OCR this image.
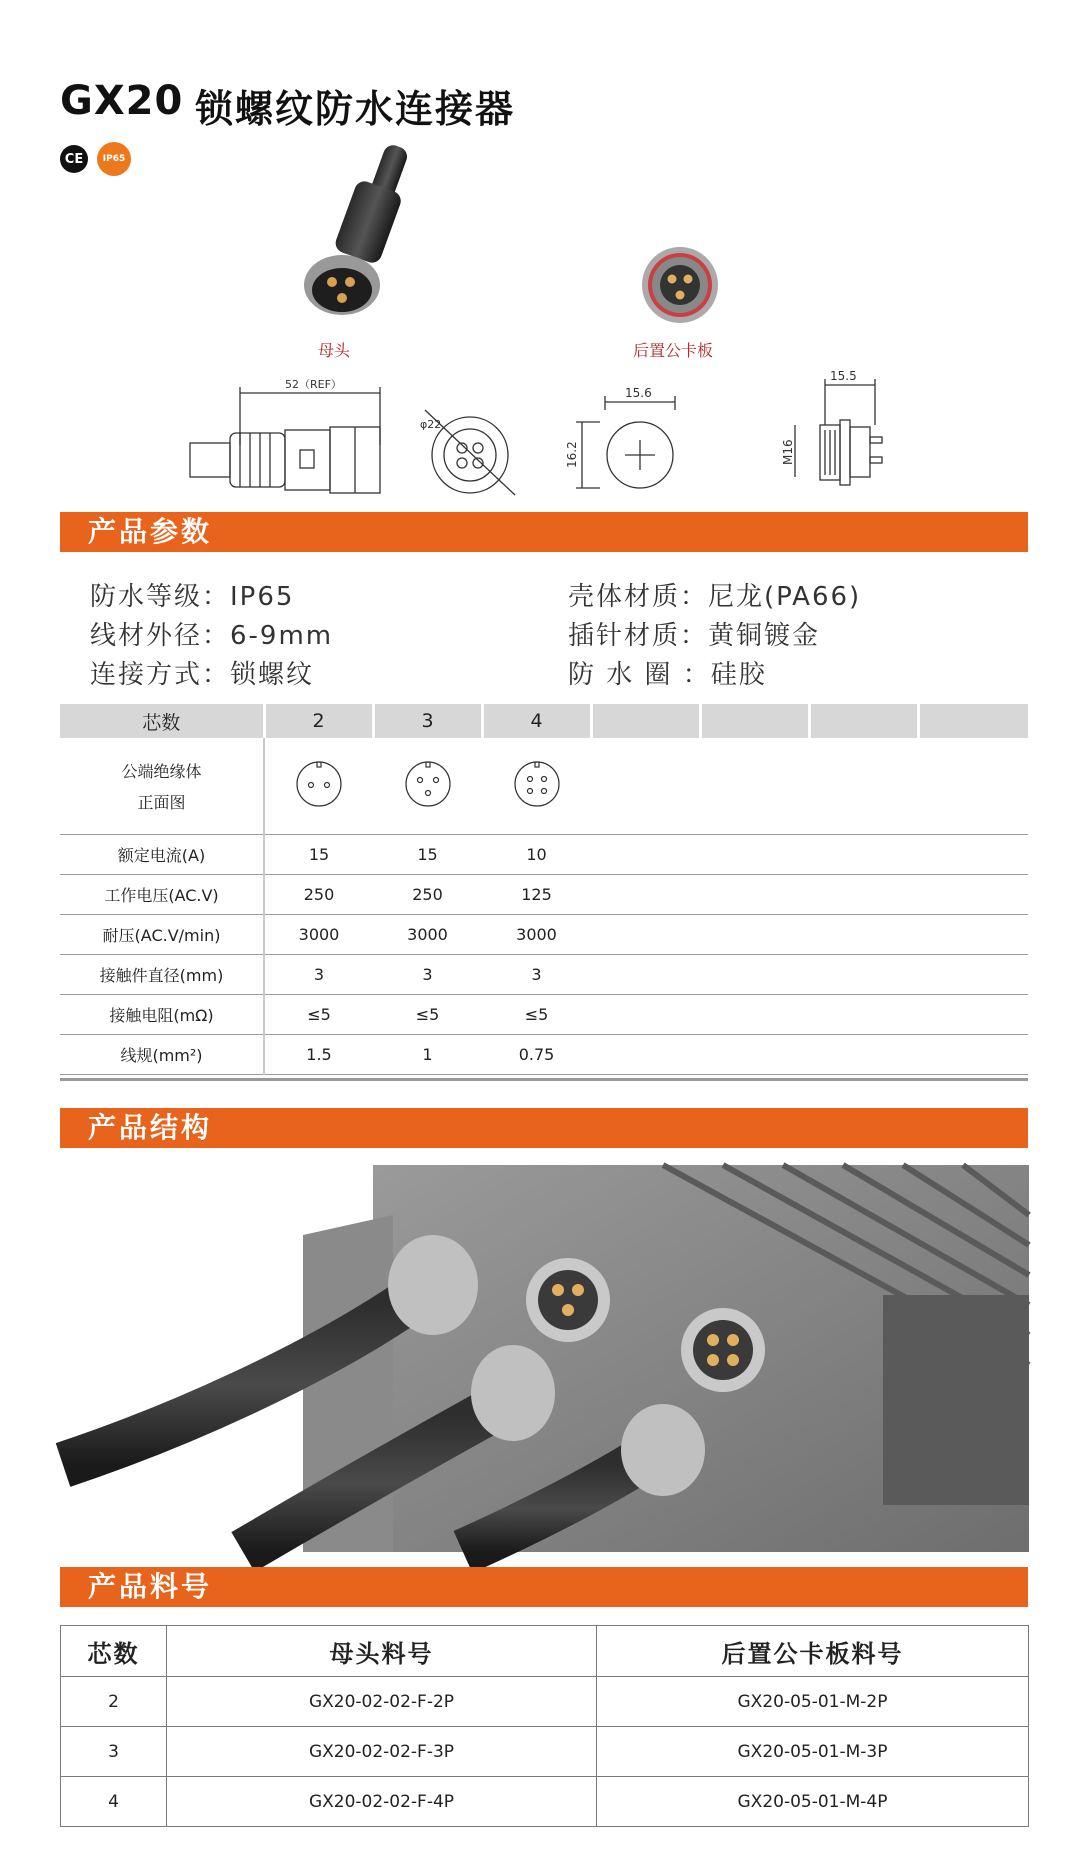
GX20 锁螺纹防水连接器
CE	IP65
母头	后置公卡板
52（REF）
φ22
15.6
16.2
15.5
M16
产品参数
防水等级：IP65
线材外径：6-9mm
连接方式：锁螺纹
壳体材质：尼龙(PA66)
插针材质：黄铜镀金
防 水 圈 ：硅胶
芯数	2	3	4				

公端绝缘体
正面图

额定电流(A)	15	15	10				
工作电压(AC.V)	250	250	125				
耐压(AC.V/min)	3000	3000	3000				
接触件直径(mm)	3	3	3				
接触电阻(mΩ)	≤5	≤5	≤5				
线规(mm²)	1.5	1	0.75				
产品结构
产品料号
芯数	母头料号	后置公卡板料号
2	GX20-02-02-F-2P	GX20-05-01-M-2P
3	GX20-02-02-F-3P	GX20-05-01-M-3P
4	GX20-02-02-F-4P	GX20-05-01-M-4P
